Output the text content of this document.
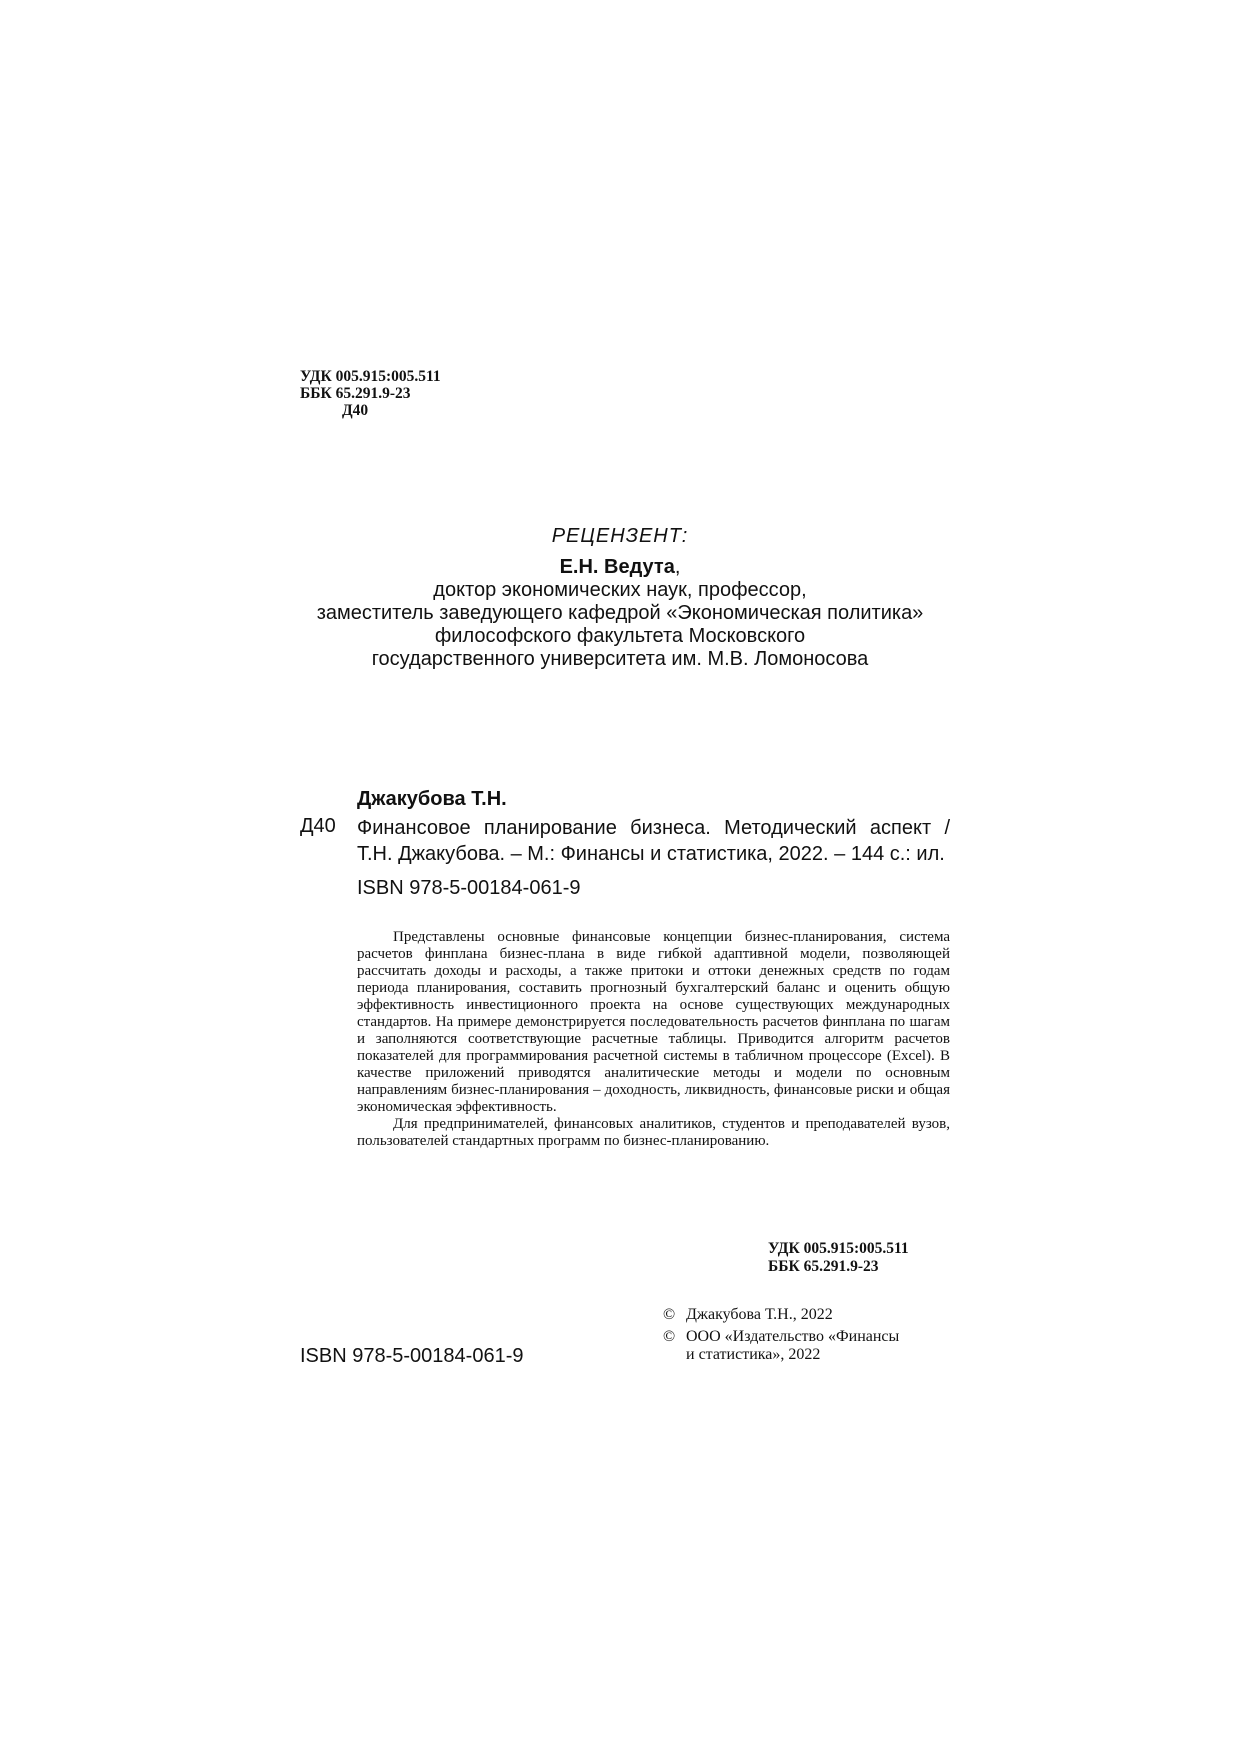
УДК 005.915:005.511
ББК 65.291.9-23
Д40
РЕЦЕНЗЕНТ:
Е.Н. Ведута,
доктор экономических наук, профессор,
заместитель заведующего кафедрой «Экономическая политика»
философского факультета Московского
государственного университета им. М.В. Ломоносова
Джакубова Т.Н.
Д40 Финансовое планирование бизнеса. Методический аспект / Т.Н. Джакубова. – М.: Финансы и статистика, 2022. – 144 с.: ил.
ISBN 978-5-00184-061-9

Представлены основные финансовые концепции бизнес-планирования, система расчетов финплана бизнес-плана в виде гибкой адаптивной модели, позволяющей рассчитать доходы и расходы, а также притоки и оттоки денежных средств по годам периода планирования, составить прогнозный бухгалтерский баланс и оценить общую эффективность инвестиционного проекта на основе существующих международных стандартов. На примере демонстрируется последовательность расчетов финплана по шагам и заполняются соответствующие расчетные таблицы. Приводится алгоритм расчетов показателей для программирования расчетной системы в табличном процессоре (Excel). В качестве приложений приводятся аналитические методы и модели по основным направлениям бизнес-планирования – доходность, ликвидность, финансовые риски и общая экономическая эффективность.

Для предпринимателей, финансовых аналитиков, студентов и преподавателей вузов, пользователей стандартных программ по бизнес-планированию.

УДК 005.915:005.511
ББК 65.291.9-23
© Джакубова Т.Н., 2022
© ООО «Издательство «Финансы
и статистика», 2022
ISBN 978-5-00184-061-9
